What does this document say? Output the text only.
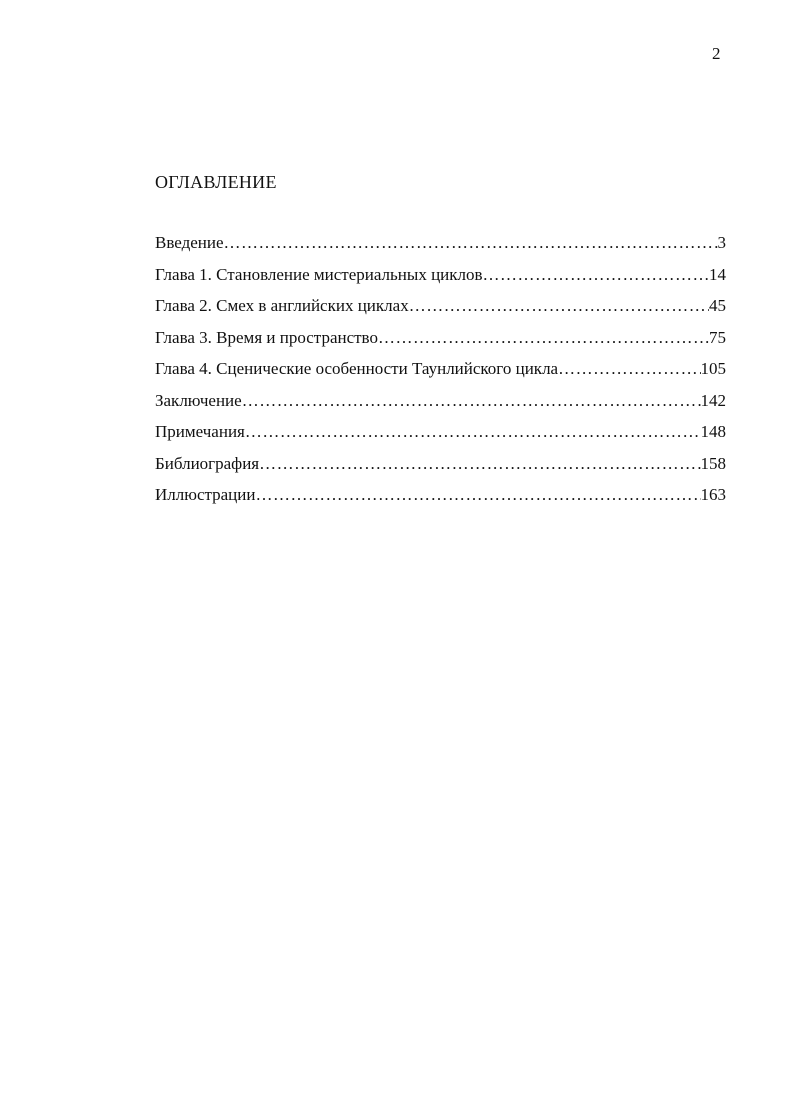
2
ОГЛАВЛЕНИЕ
Введение ……………………………………………………………………………………………………………………………	3
Глава 1. Становление мистериальных циклов ……………………………………………………………………………………………………………………………	14
Глава 2. Смех в английских циклах ……………………………………………………………………………………………………………………………	45
Глава 3. Время и пространство ……………………………………………………………………………………………………………………………	75
Глава 4. Сценические особенности Таунлийского цикла ……………………………………………………………………………………………………………………………	105
Заключение ……………………………………………………………………………………………………………………………	142
Примечания ……………………………………………………………………………………………………………………………	148
Библиография ……………………………………………………………………………………………………………………………	158
Иллюстрации ……………………………………………………………………………………………………………………………	163
